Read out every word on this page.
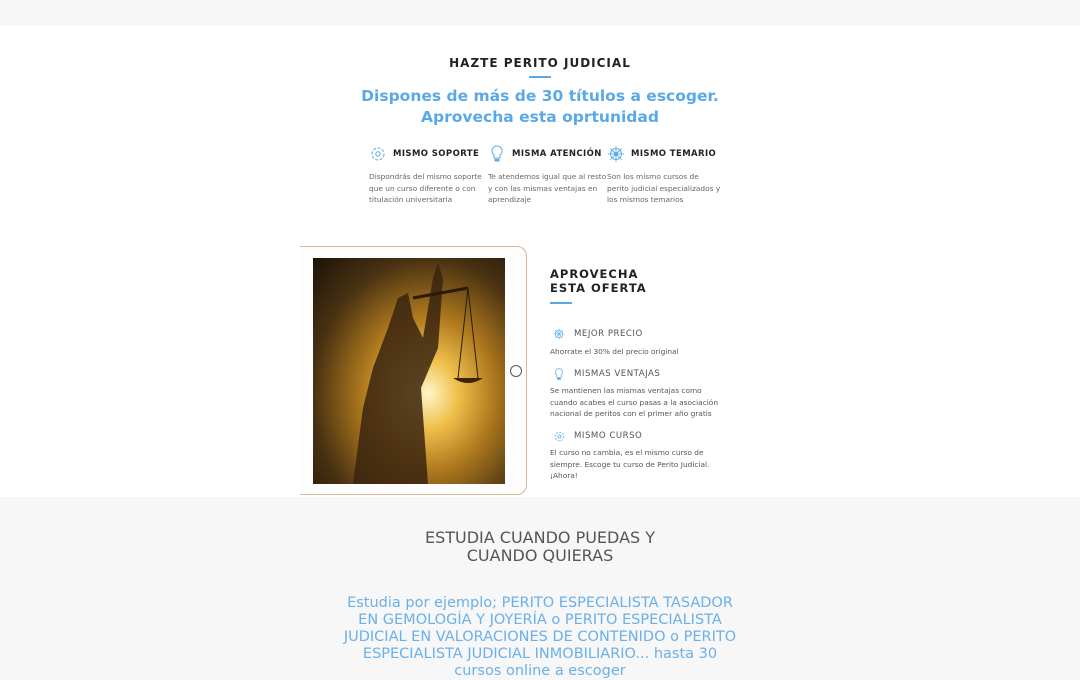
HAZTE PERITO JUDICIAL
Dispones de más de 30 títulos a escoger.
Aprovecha esta oprtunidad
MISMO SOPORTE
Dispondrás del mismo soporte que un curso diferente o con titulación universitaria
MISMA ATENCIÓN
Te atendemos igual que al resto y con las mismas ventajas en aprendizaje
MISMO TEMARIO
Son los mismo cursos de perito judicial especializados y los mismos temarios
APROVECHA
ESTA OFERTA
MEJOR PRECIO
Ahorrate el 30% del precio original
MISMAS VENTAJAS
Se mantienen las mismas ventajas como cuando acabes el curso pasas a la asociación nacional de peritos con el primer año gratis
MISMO CURSO
El curso no cambia, es el mismo curso de siempre. Escoge tu curso de Perito Judicial. ¡Ahora!
ESTUDIA CUANDO PUEDAS Y
CUANDO QUIERAS
Estudia por ejemplo; PERITO ESPECIALISTA TASADOR EN GEMOLOGÍA Y JOYERÍA o PERITO ESPECIALISTA JUDICIAL EN VALORACIONES DE CONTENIDO o PERITO ESPECIALISTA JUDICIAL INMOBILIARIO... hasta 30 cursos online a escoger
